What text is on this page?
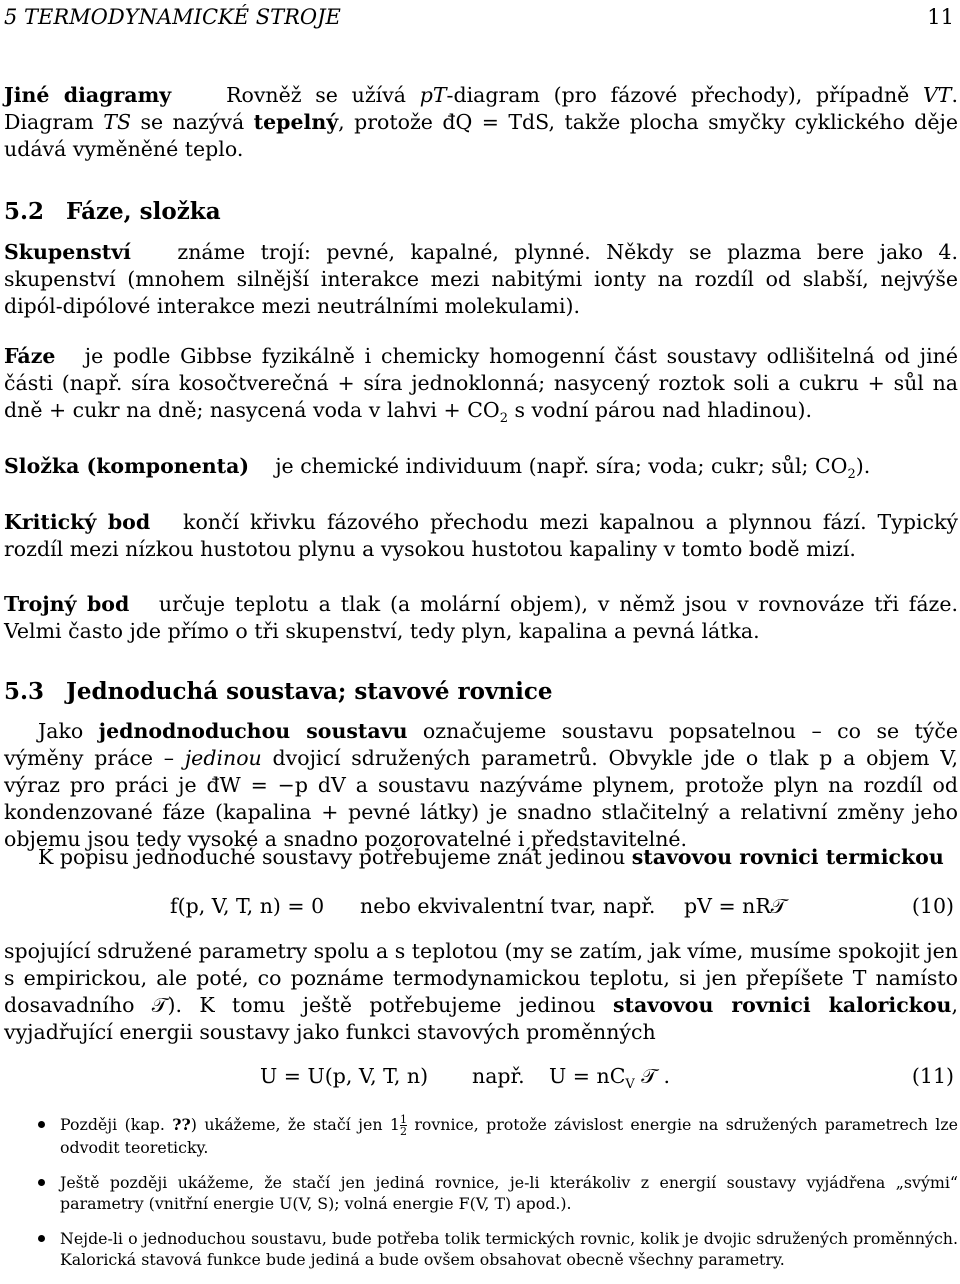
5 TERMODYNAMICKÉ STROJE	11
Jiné diagramy	Rovněž se užívá pT-diagram (pro fázové přechody), případně VT. Diagram TS se nazývá tepelný, protože đQ = TdS, takže plocha smyčky cyklického děje udává vyměněné teplo.
5.2 Fáze, složka
Skupenství známe trojí: pevné, kapalné, plynné. Někdy se plazma bere jako 4. skupenství (mnohem silnější interakce mezi nabitými ionty na rozdíl od slabší, nejvýše dipól-dipólové interakce mezi neutrálními molekulami).
Fáze je podle Gibbse fyzikálně i chemicky homogenní část soustavy odlišitelná od jiné části (např. síra kosočtverečná + síra jednoklonná; nasycený roztok soli a cukru + sůl na dně + cukr na dně; nasycená voda v lahvi + $CO_2$ s vodní párou nad hladinou).
Složka (komponenta) je chemické individuum (např. síra; voda; cukr; sůl; $CO_2$).
Kritický bod končí křivku fázového přechodu mezi kapalnou a plynnou fází. Typický rozdíl mezi nízkou hustotou plynu a vysokou hustotou kapaliny v tomto bodě mizí.
Trojný bod určuje teplotu a tlak (a molární objem), v němž jsou v rovnováze tři fáze. Velmi často jde přímo o tři skupenství, tedy plyn, kapalina a pevná látka.
5.3 Jednoduchá soustava; stavové rovnice
Jako jednodnoduchou soustavu označujeme soustavu popsatelnou – co se týče výměny práce – jedinou dvojicí sdružených parametrů. Obvykle jde o tlak p a objem V, výraz pro práci je đW = −p dV a soustavu nazýváme plynem, protože plyn na rozdíl od kondenzované fáze (kapalina + pevné látky) je snadno stlačitelný a relativní změny jeho objemu jsou tedy vysoké a snadno pozorovatelné i představitelné.
K popisu jednoduché soustavy potřebujeme znát jedinou stavovou rovnici termickou
f(p, V, T, n) = 0 nebo ekvivalentní tvar, např. pV = nR𝒯	(10)
spojující sdružené parametry spolu a s teplotou (my se zatím, jak víme, musíme spokojit jen s empirickou, ale poté, co poznáme termodynamickou teplotu, si jen přepíšete T namísto dosavadního 𝒯). K tomu ještě potřebujeme jedinou stavovou rovnici kalorickou, vyjadřující energii soustavy jako funkci stavových proměnných
U = U(p, V, T, n) např. $U = nC_V$ 𝒯 .	(11)
Později (kap. ??) ukážeme, že stačí jen $1 \frac{1}{2}$ rovnice, protože závislost energie na sdružených parametrech lze odvodit teoreticky.
Ještě později ukážeme, že stačí jen jediná rovnice, je-li kterákoliv z energií soustavy vyjádřena „svými“ parametry (vnitřní energie U(V, S); volná energie F(V, T) apod.).
Nejde-li o jednoduchou soustavu, bude potřeba tolik termických rovnic, kolik je dvojic sdružených proměnných. Kalorická stavová funkce bude jediná a bude ovšem obsahovat obecně všechny parametry.
